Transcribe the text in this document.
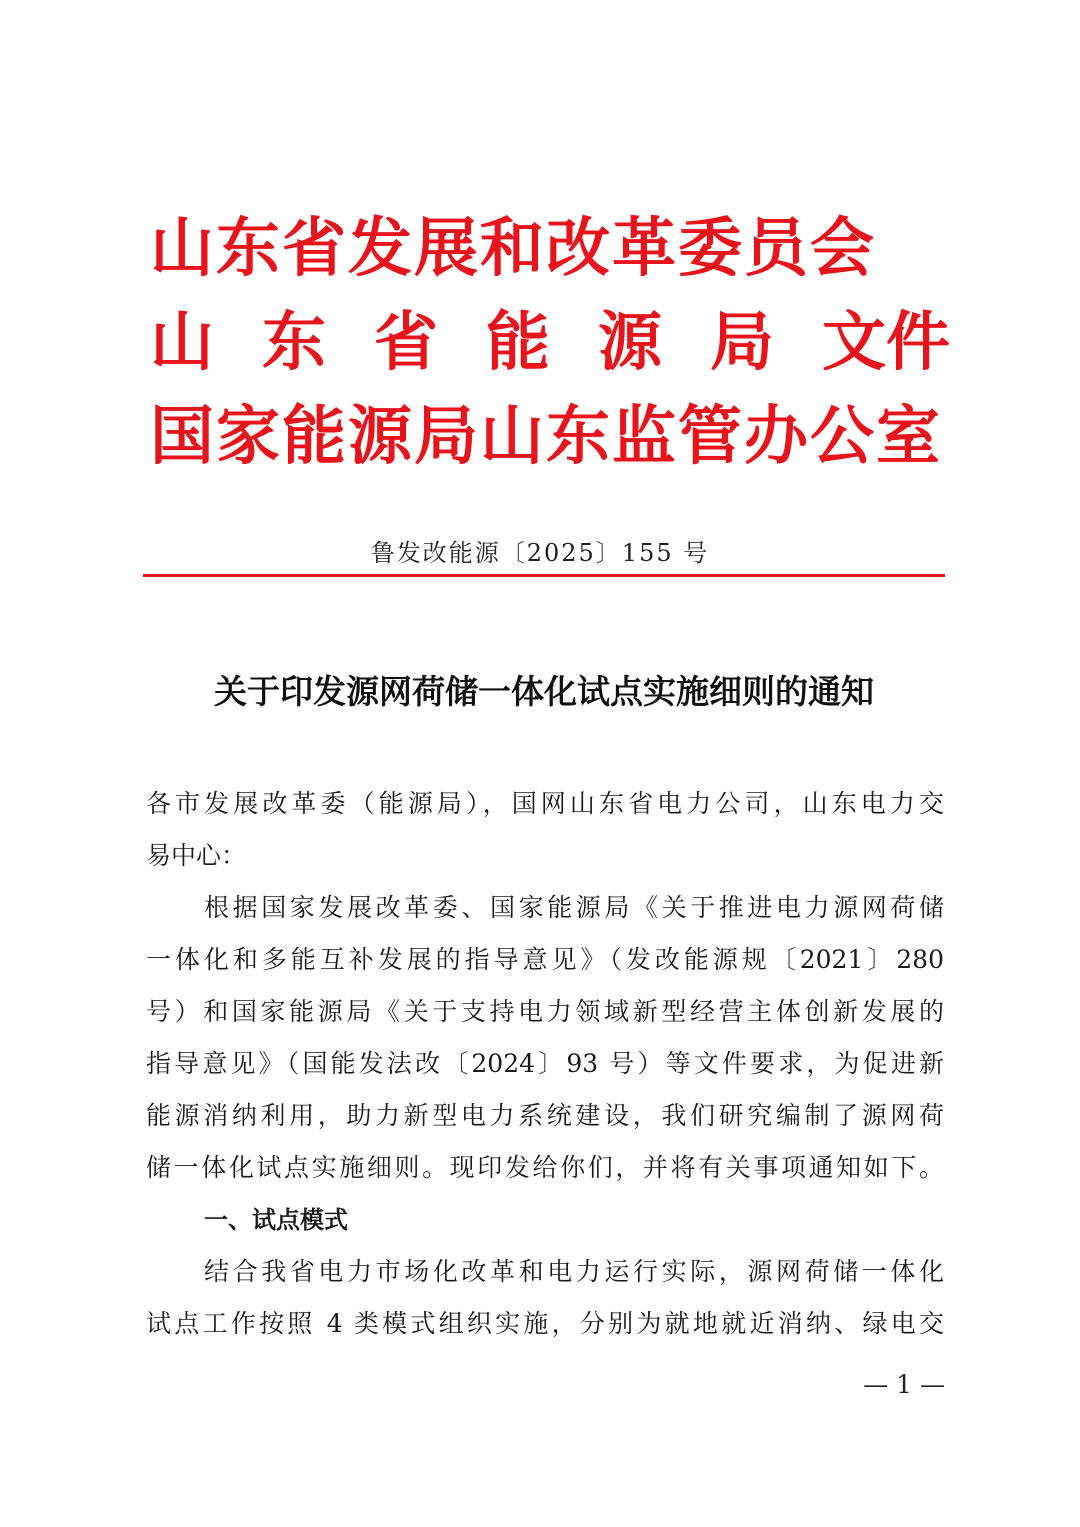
山东省发展和改革委员会
山 东 省 能 源 局 文件
国家能源局山东监管办公室
鲁发改能源〔2025〕155 号
关于印发源网荷储一体化试点实施细则的通知
各市发展改革委（能源局），国网山东省电力公司，山东电力交
易中心：
根据国家发展改革委、国家能源局《关于推进电力源网荷储
一体化和多能互补发展的指导意见》（发改能源规〔2021〕280
号）和国家能源局《关于支持电力领域新型经营主体创新发展的
指导意见》（国能发法改〔2024〕93 号）等文件要求，为促进新
能源消纳利用，助力新型电力系统建设，我们研究编制了源网荷
储一体化试点实施细则。现印发给你们，并将有关事项通知如下。
一、试点模式
结合我省电力市场化改革和电力运行实际，源网荷储一体化
试点工作按照 4 类模式组织实施，分别为就地就近消纳、绿电交
— 1 —
